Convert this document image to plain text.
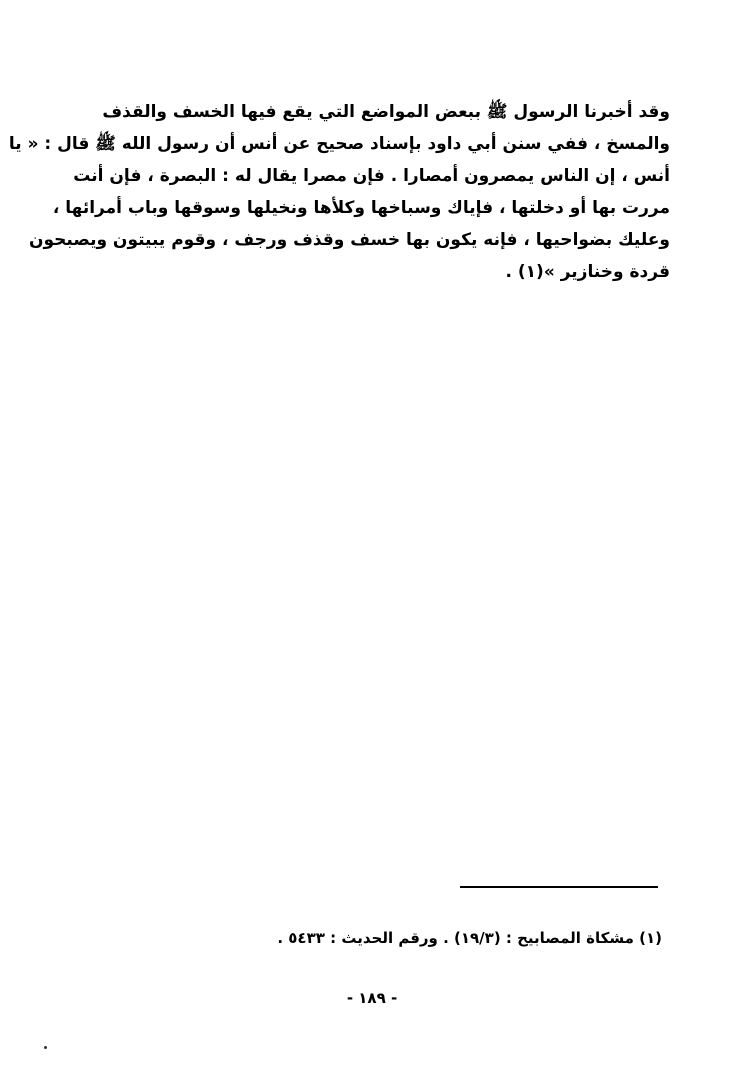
وقد أخبرنا الرسول ﷺ ببعض المواضع التي يقع فيها الخسف والقذف
والمسخ ، ففي سنن أبي داود بإسناد صحيح عن أنس أن رسول الله ﷺ قال : « يا
أنس ، إن الناس يمصرون أمصارا . فإن مصرا يقال له : البصرة ، فإن أنت
مررت بها أو دخلتها ، فإياك وسباخها وكلأها ونخيلها وسوقها وباب أمرائها ،
وعليك بضواحيها ، فإنه يكون بها خسف وقذف ورجف ، وقوم يبيتون ويصبحون
قردة وخنازير »(١) .
(١) مشكاة المصابيح : (١٩/٣) . ورقم الحديث : ٥٤٣٣ .
- ١٨٩ -
